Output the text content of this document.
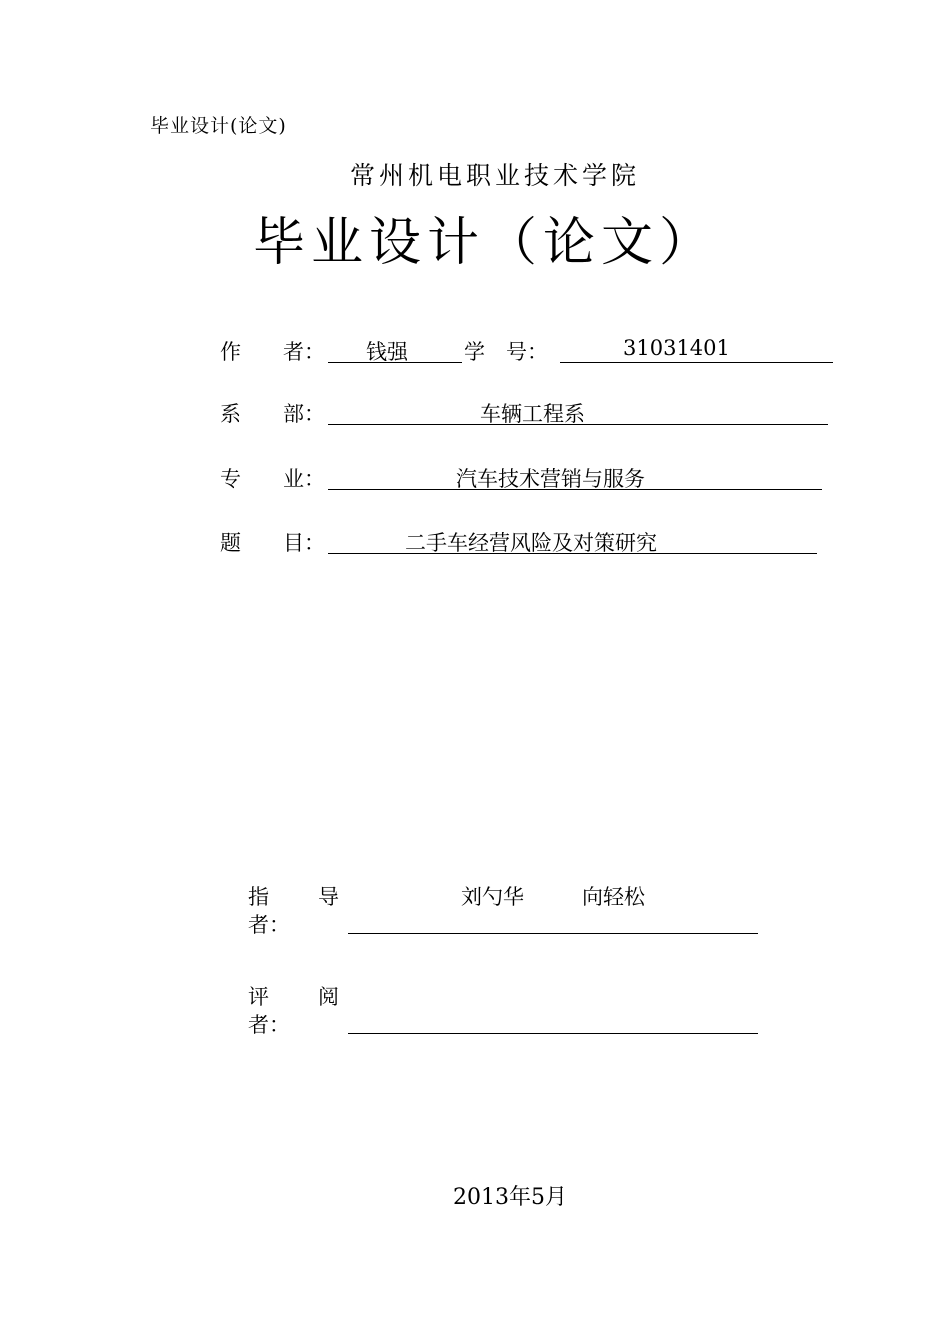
毕业设计(论文)
常州机电职业技术学院
毕业设计（论文）
作　　者： 钱强	学　号：	31031401
系　　部：	车辆工程系
专　　业：	汽车技术营销与服务
题　　目：	二手车经营风险及对策研究
指 导
者：
刘勺华	向轻松
评 阅
者：
2013年5月
